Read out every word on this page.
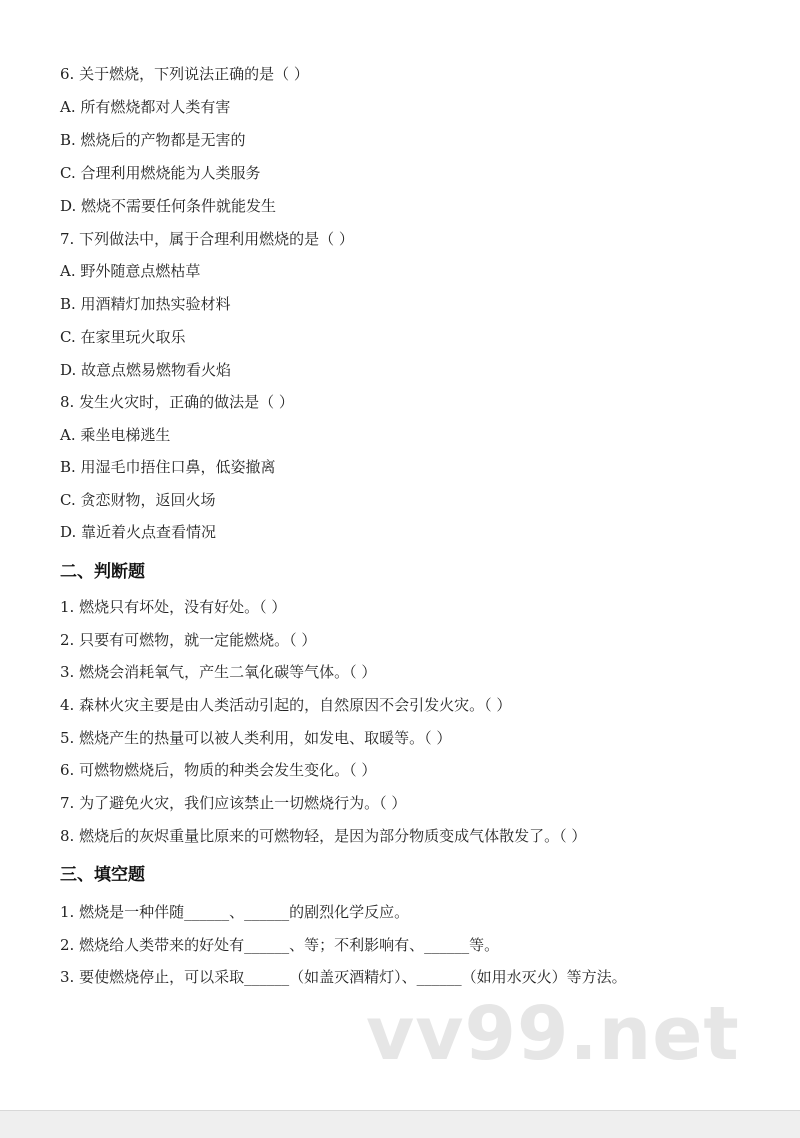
6. 关于燃烧，下列说法正确的是（ ）
A. 所有燃烧都对人类有害
B. 燃烧后的产物都是无害的
C. 合理利用燃烧能为人类服务
D. 燃烧不需要任何条件就能发生
7. 下列做法中，属于合理利用燃烧的是（ ）
A. 野外随意点燃枯草
B. 用酒精灯加热实验材料
C. 在家里玩火取乐
D. 故意点燃易燃物看火焰
8. 发生火灾时，正确的做法是（ ）
A. 乘坐电梯逃生
B. 用湿毛巾捂住口鼻，低姿撤离
C. 贪恋财物，返回火场
D. 靠近着火点查看情况
二、判断题
1. 燃烧只有坏处，没有好处。（ ）
2. 只要有可燃物，就一定能燃烧。（ ）
3. 燃烧会消耗氧气，产生二氧化碳等气体。（ ）
4. 森林火灾主要是由人类活动引起的，自然原因不会引发火灾。（ ）
5. 燃烧产生的热量可以被人类利用，如发电、取暖等。（ ）
6. 可燃物燃烧后，物质的种类会发生变化。（ ）
7. 为了避免火灾，我们应该禁止一切燃烧行为。（ ）
8. 燃烧后的灰烬重量比原来的可燃物轻，是因为部分物质变成气体散发了。（ ）
三、填空题
1. 燃烧是一种伴随______、______的剧烈化学反应。
2. 燃烧给人类带来的好处有______、等；不利影响有、______等。
3. 要使燃烧停止，可以采取______（如盖灭酒精灯）、______（如用水灭火）等方法。
vv99.net
